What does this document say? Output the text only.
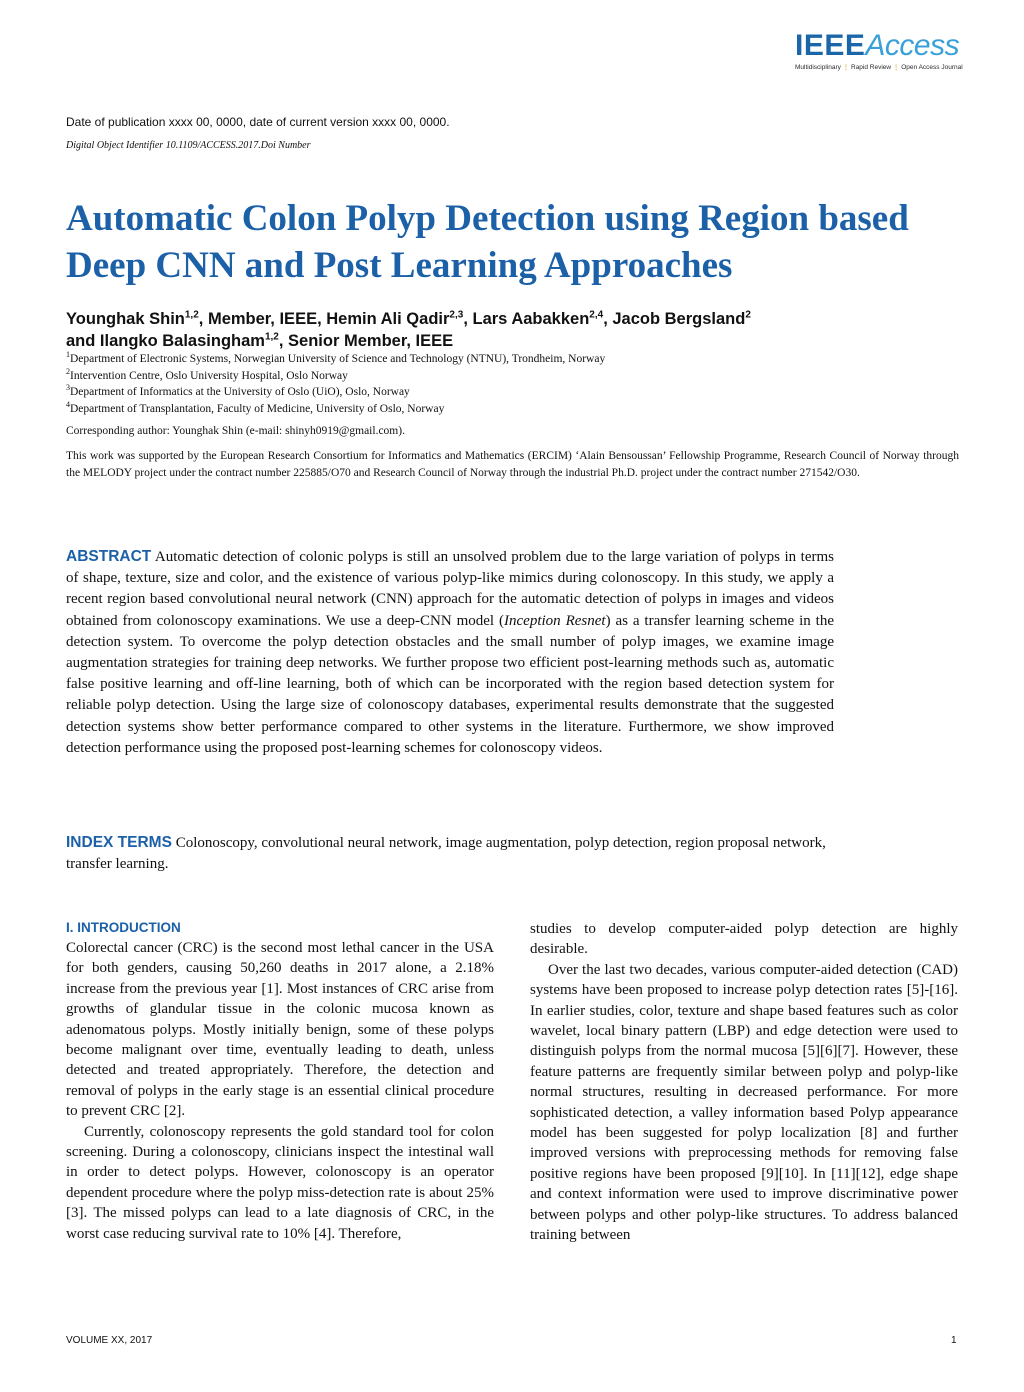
IEEEAccess
Multidisciplinary ⋮ Rapid Review ⋮ Open Access Journal
Date of publication xxxx 00, 0000, date of current version xxxx 00, 0000.
Digital Object Identifier 10.1109/ACCESS.2017.Doi Number
Automatic Colon Polyp Detection using Region based
Deep CNN and Post Learning Approaches
Younghak Shin$^{1,2}$, Member, IEEE, Hemin Ali Qadir$^{2,3}$, Lars Aabakken$^{2,4}$, Jacob Bergsland$^2$
and Ilangko Balasingham$^{1,2}$, Senior Member, IEEE
$^1$Department of Electronic Systems, Norwegian University of Science and Technology (NTNU), Trondheim, Norway
$^2$Intervention Centre, Oslo University Hospital, Oslo Norway
$^3$Department of Informatics at the University of Oslo (UiO), Oslo, Norway
$^4$Department of Transplantation, Faculty of Medicine, University of Oslo, Norway
Corresponding author: Younghak Shin (e-mail: shinyh0919@gmail.com).
This work was supported by the European Research Consortium for Informatics and Mathematics (ERCIM) ‘Alain Bensoussan’ Fellowship Programme, Research Council of Norway through the MELODY project under the contract number 225885/O70 and Research Council of Norway through the industrial Ph.D. project under the contract number 271542/O30.
ABSTRACT Automatic detection of colonic polyps is still an unsolved problem due to the large variation of polyps in terms of shape, texture, size and color, and the existence of various polyp-like mimics during colonoscopy. In this study, we apply a recent region based convolutional neural network (CNN) approach for the automatic detection of polyps in images and videos obtained from colonoscopy examinations. We use a deep-CNN model (Inception Resnet) as a transfer learning scheme in the detection system. To overcome the polyp detection obstacles and the small number of polyp images, we examine image augmentation strategies for training deep networks. We further propose two efficient post-learning methods such as, automatic false positive learning and off-line learning, both of which can be incorporated with the region based detection system for reliable polyp detection. Using the large size of colonoscopy databases, experimental results demonstrate that the suggested detection systems show better performance compared to other systems in the literature. Furthermore, we show improved detection performance using the proposed post-learning schemes for colonoscopy videos.
INDEX TERMS Colonoscopy, convolutional neural network, image augmentation, polyp detection, region proposal network, transfer learning.
I. INTRODUCTION

Colorectal cancer (CRC) is the second most lethal cancer in the USA for both genders, causing 50,260 deaths in 2017 alone, a 2.18% increase from the previous year [1]. Most instances of CRC arise from growths of glandular tissue in the colonic mucosa known as adenomatous polyps. Mostly initially benign, some of these polyps become malignant over time, eventually leading to death, unless detected and treated appropriately. Therefore, the detection and removal of polyps in the early stage is an essential clinical procedure to prevent CRC [2].

Currently, colonoscopy represents the gold standard tool for colon screening. During a colonoscopy, clinicians inspect the intestinal wall in order to detect polyps. However, colonoscopy is an operator dependent procedure where the polyp miss-detection rate is about 25% [3]. The missed polyps can lead to a late diagnosis of CRC, in the worst case reducing survival rate to 10% [4]. Therefore,

studies to develop computer-aided polyp detection are highly desirable.

Over the last two decades, various computer-aided detection (CAD) systems have been proposed to increase polyp detection rates [5]-[16]. In earlier studies, color, texture and shape based features such as color wavelet, local binary pattern (LBP) and edge detection were used to distinguish polyps from the normal mucosa [5][6][7]. However, these feature patterns are frequently similar between polyp and polyp-like normal structures, resulting in decreased performance. For more sophisticated detection, a valley information based Polyp appearance model has been suggested for polyp localization [8] and further improved versions with preprocessing methods for removing false positive regions have been proposed [9][10]. In [11][12], edge shape and context information were used to improve discriminative power between polyps and other polyp-like structures. To address balanced training between

VOLUME XX, 2017	1
